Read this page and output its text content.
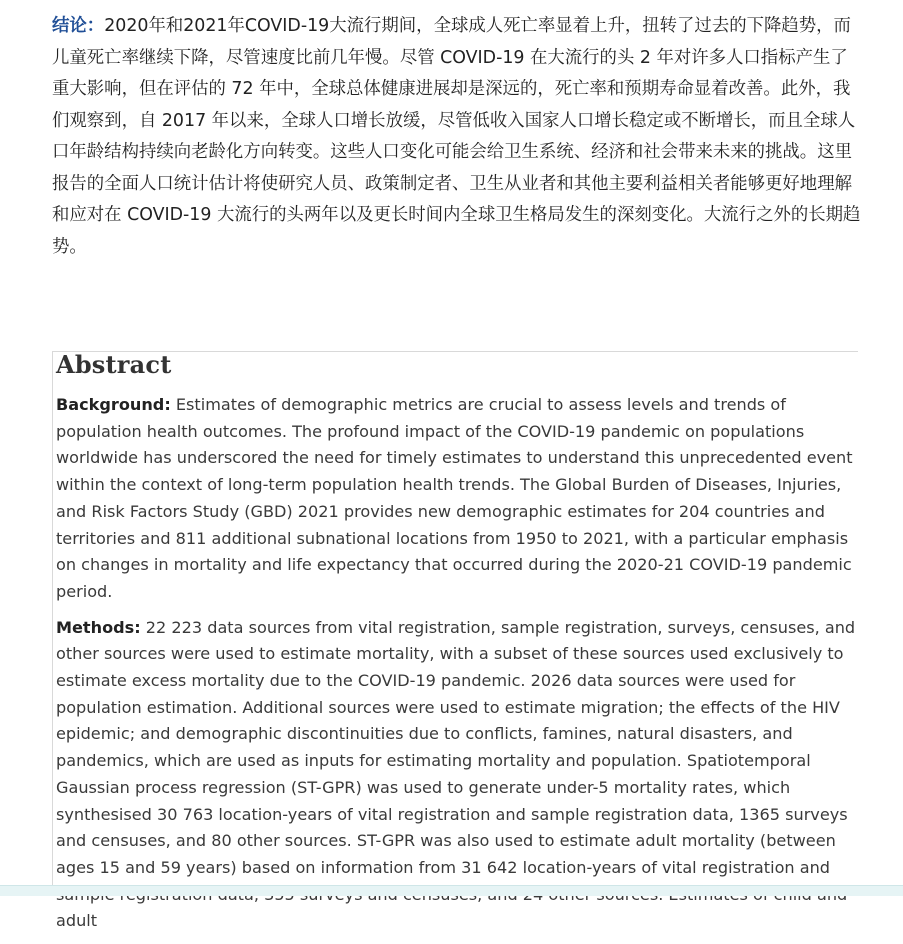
结论：2020年和2021年COVID-19大流行期间，全球成人死亡率显着上升，扭转了过去的下降趋势，而儿童死亡率继续下降，尽管速度比前几年慢。尽管 COVID-19 在大流行的头 2 年对许多人口指标产生了重大影响，但在评估的 72 年中，全球总体健康进展却是深远的，死亡率和预期寿命显着改善。此外，我们观察到，自 2017 年以来，全球人口增长放缓，尽管低收入国家人口增长稳定或不断增长，而且全球人口年龄结构持续向老龄化方向转变。这些人口变化可能会给卫生系统、经济和社会带来未来的挑战。这里报告的全面人口统计估计将使研究人员、政策制定者、卫生从业者和其他主要利益相关者能够更好地理解和应对在 COVID-19 大流行的头两年以及更长时间内全球卫生格局发生的深刻变化。大流行之外的长期趋势。

Abstract

Background: Estimates of demographic metrics are crucial to assess levels and trends of population health outcomes. The profound impact of the COVID-19 pandemic on populations worldwide has underscored the need for timely estimates to understand this unprecedented event within the context of long-term population health trends. The Global Burden of Diseases, Injuries, and Risk Factors Study (GBD) 2021 provides new demographic estimates for 204 countries and territories and 811 additional subnational locations from 1950 to 2021, with a particular emphasis on changes in mortality and life expectancy that occurred during the 2020-21 COVID-19 pandemic period.

Methods: 22 223 data sources from vital registration, sample registration, surveys, censuses, and other sources were used to estimate mortality, with a subset of these sources used exclusively to estimate excess mortality due to the COVID-19 pandemic. 2026 data sources were used for population estimation. Additional sources were used to estimate migration; the effects of the HIV epidemic; and demographic discontinuities due to conflicts, famines, natural disasters, and pandemics, which are used as inputs for estimating mortality and population. Spatiotemporal Gaussian process regression (ST-GPR) was used to generate under-5 mortality rates, which synthesised 30 763 location-years of vital registration and sample registration data, 1365 surveys and censuses, and 80 other sources. ST-GPR was also used to estimate adult mortality (between ages 15 and 59 years) based on information from 31 642 location-years of vital registration and adult
